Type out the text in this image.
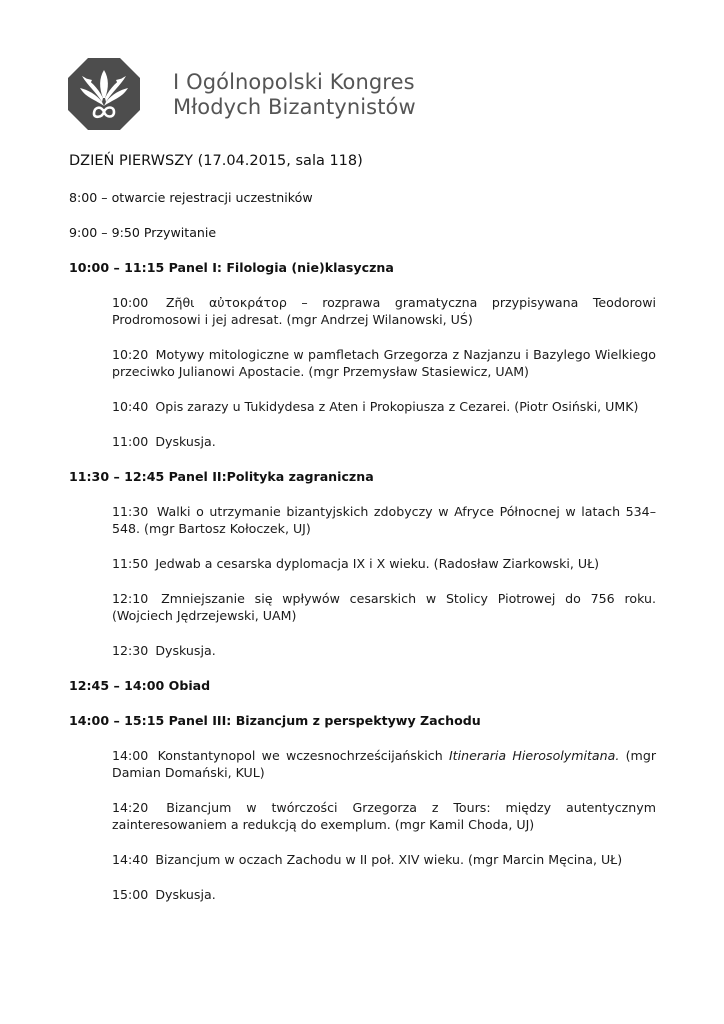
I Ogólnopolski Kongres
Młodych Bizantynistów
DZIEŃ PIERWSZY (17.04.2015, sala 118)
8:00 – otwarcie rejestracji uczestników
9:00 – 9:50 Przywitanie
10:00 – 11:15 Panel I: Filologia (nie)klasyczna
10:00 Ζῆθι αὐτοκράτορ – rozprawa gramatyczna przypisywana Teodorowi Prodromosowi i jej adresat. (mgr Andrzej Wilanowski, UŚ)
10:20 Motywy mitologiczne w pamfletach Grzegorza z Nazjanzu i Bazylego Wielkiego przeciwko Julianowi Apostacie. (mgr Przemysław Stasiewicz, UAM)
10:40 Opis zarazy u Tukidydesa z Aten i Prokopiusza z Cezarei. (Piotr Osiński, UMK)
11:00 Dyskusja.
11:30 – 12:45 Panel II:Polityka zagraniczna
11:30 Walki o utrzymanie bizantyjskich zdobyczy w Afryce Północnej w latach 534–548. (mgr Bartosz Kołoczek, UJ)
11:50 Jedwab a cesarska dyplomacja IX i X wieku. (Radosław Ziarkowski, UŁ)
12:10 Zmniejszanie się wpływów cesarskich w Stolicy Piotrowej do 756 roku. (Wojciech Jędrzejewski, UAM)
12:30 Dyskusja.
12:45 – 14:00 Obiad
14:00 – 15:15 Panel III: Bizancjum z perspektywy Zachodu
14:00 Konstantynopol we wczesnochrześcijańskich Itineraria Hierosolymitana. (mgr Damian Domański, KUL)
14:20 Bizancjum w twórczości Grzegorza z Tours: między autentycznym zainteresowaniem a redukcją do exemplum. (mgr Kamil Choda, UJ)
14:40 Bizancjum w oczach Zachodu w II poł. XIV wieku. (mgr Marcin Męcina, UŁ)
15:00 Dyskusja.
